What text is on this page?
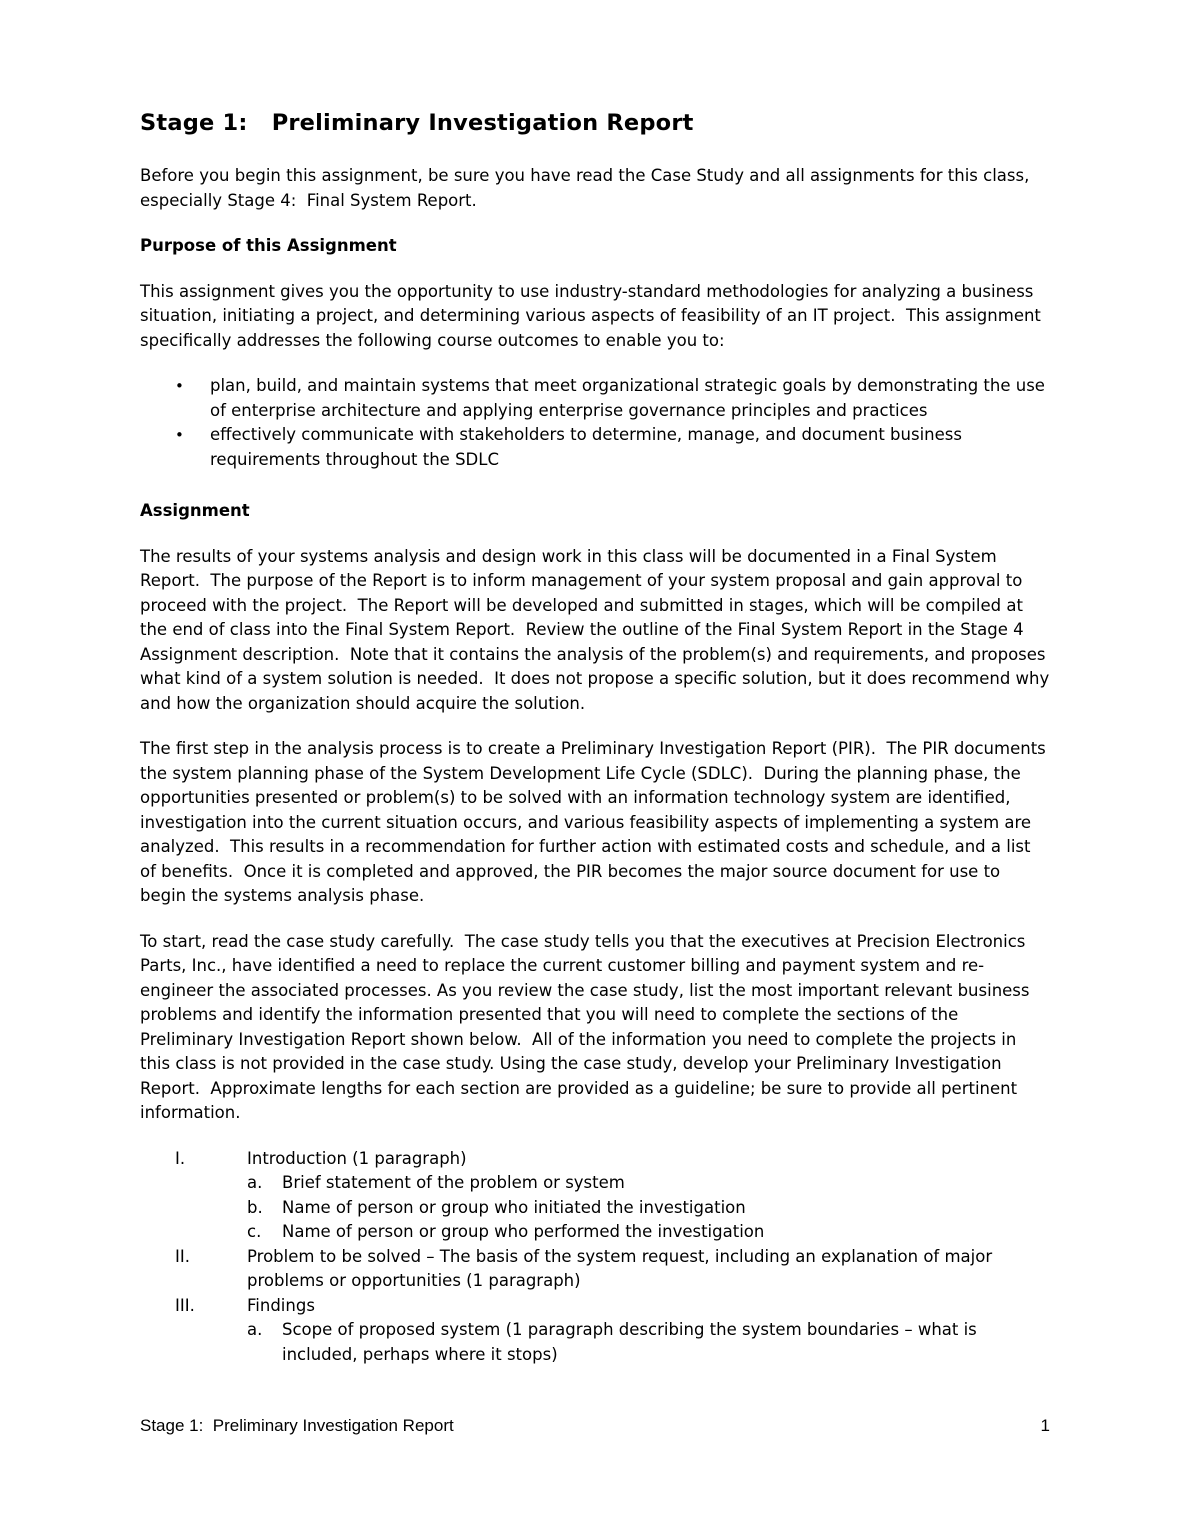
Stage 1:   Preliminary Investigation Report

Before you begin this assignment, be sure you have read the Case Study and all assignments for this class, especially Stage 4:  Final System Report.

Purpose of this Assignment

This assignment gives you the opportunity to use industry-standard methodologies for analyzing a business situation, initiating a project, and determining various aspects of feasibility of an IT project.  This assignment specifically addresses the following course outcomes to enable you to:

•	plan, build, and maintain systems that meet organizational strategic goals by demonstrating the use of enterprise architecture and applying enterprise governance principles and practices
•	effectively communicate with stakeholders to determine, manage, and document business requirements throughout the SDLC
Assignment

The results of your systems analysis and design work in this class will be documented in a Final System Report.  The purpose of the Report is to inform management of your system proposal and gain approval to proceed with the project.  The Report will be developed and submitted in stages, which will be compiled at the end of class into the Final System Report.  Review the outline of the Final System Report in the Stage 4 Assignment description.  Note that it contains the analysis of the problem(s) and requirements, and proposes what kind of a system solution is needed.  It does not propose a specific solution, but it does recommend why and how the organization should acquire the solution.

The first step in the analysis process is to create a Preliminary Investigation Report (PIR).  The PIR documents the system planning phase of the System Development Life Cycle (SDLC).  During the planning phase, the opportunities presented or problem(s) to be solved with an information technology system are identified, investigation into the current situation occurs, and various feasibility aspects of implementing a system are analyzed.  This results in a recommendation for further action with estimated costs and schedule, and a list of benefits.  Once it is completed and approved, the PIR becomes the major source document for use to begin the systems analysis phase.

To start, read the case study carefully.  The case study tells you that the executives at Precision Electronics Parts, Inc., have identified a need to replace the current customer billing and payment system and re-engineer the associated processes. As you review the case study, list the most important relevant business problems and identify the information presented that you will need to complete the sections of the Preliminary Investigation Report shown below.  All of the information you need to complete the projects in this class is not provided in the case study. Using the case study, develop your Preliminary Investigation Report.  Approximate lengths for each section are provided as a guideline; be sure to provide all pertinent information.

I.	Introduction (1 paragraph)
a.	Brief statement of the problem or system
b.	Name of person or group who initiated the investigation
c.	Name of person or group who performed the investigation
II.	Problem to be solved – The basis of the system request, including an explanation of major problems or opportunities (1 paragraph)
III.	Findings
a.	Scope of proposed system (1 paragraph describing the system boundaries – what is included, perhaps where it stops)
Stage 1:  Preliminary Investigation Report	1
